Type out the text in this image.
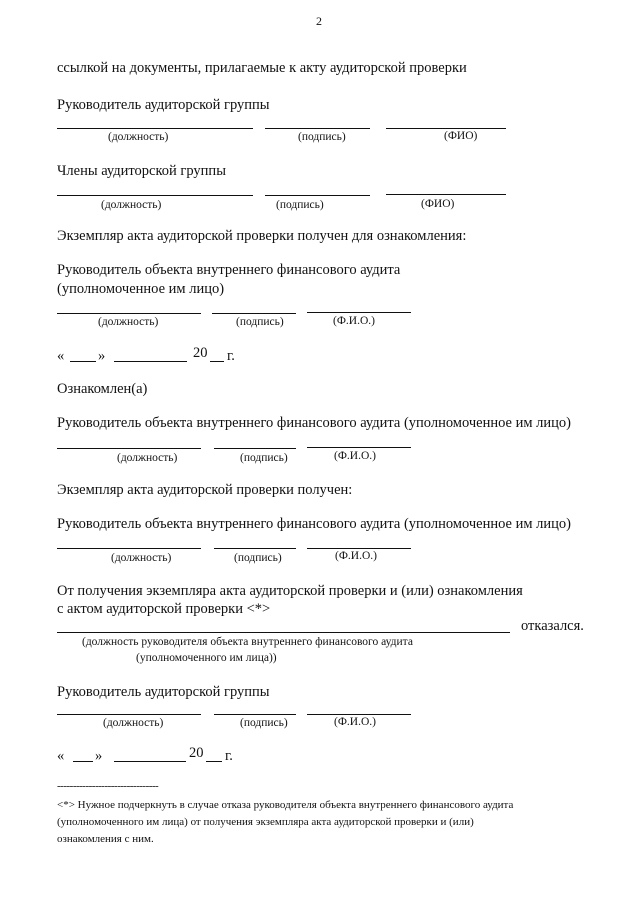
2
ссылкой на документы, прилагаемые к акту аудиторской проверки
Руководитель аудиторской группы
(должность)	(подпись)	(ФИО)
Члены аудиторской группы
(должность)	(подпись)	(ФИО)
Экземпляр акта аудиторской проверки получен для ознакомления:
Руководитель объекта внутреннего финансового аудита
(уполномоченное им лицо)
(должность)	(подпись)	(Ф.И.О.)
« »	20 г.
Ознакомлен(а)
Руководитель объекта внутреннего финансового аудита (уполномоченное им лицо)
(должность)	(подпись)	(Ф.И.О.)
Экземпляр акта аудиторской проверки получен:
Руководитель объекта внутреннего финансового аудита (уполномоченное им лицо)
(должность)	(подпись)	(Ф.И.О.)
От получения экземпляра акта аудиторской проверки и (или) ознакомления
с актом аудиторской проверки <*>
отказался.
(должность руководителя объекта внутреннего финансового аудита
(уполномоченного им лица))
Руководитель аудиторской группы
(должность)	(подпись)	(Ф.И.О.)
« »	20 г.
--------------------------------
<*> Нужное подчеркнуть в случае отказа руководителя объекта внутреннего финансового аудита
(уполномоченного им лица) от получения экземпляра акта аудиторской проверки и (или)
ознакомления с ним.
